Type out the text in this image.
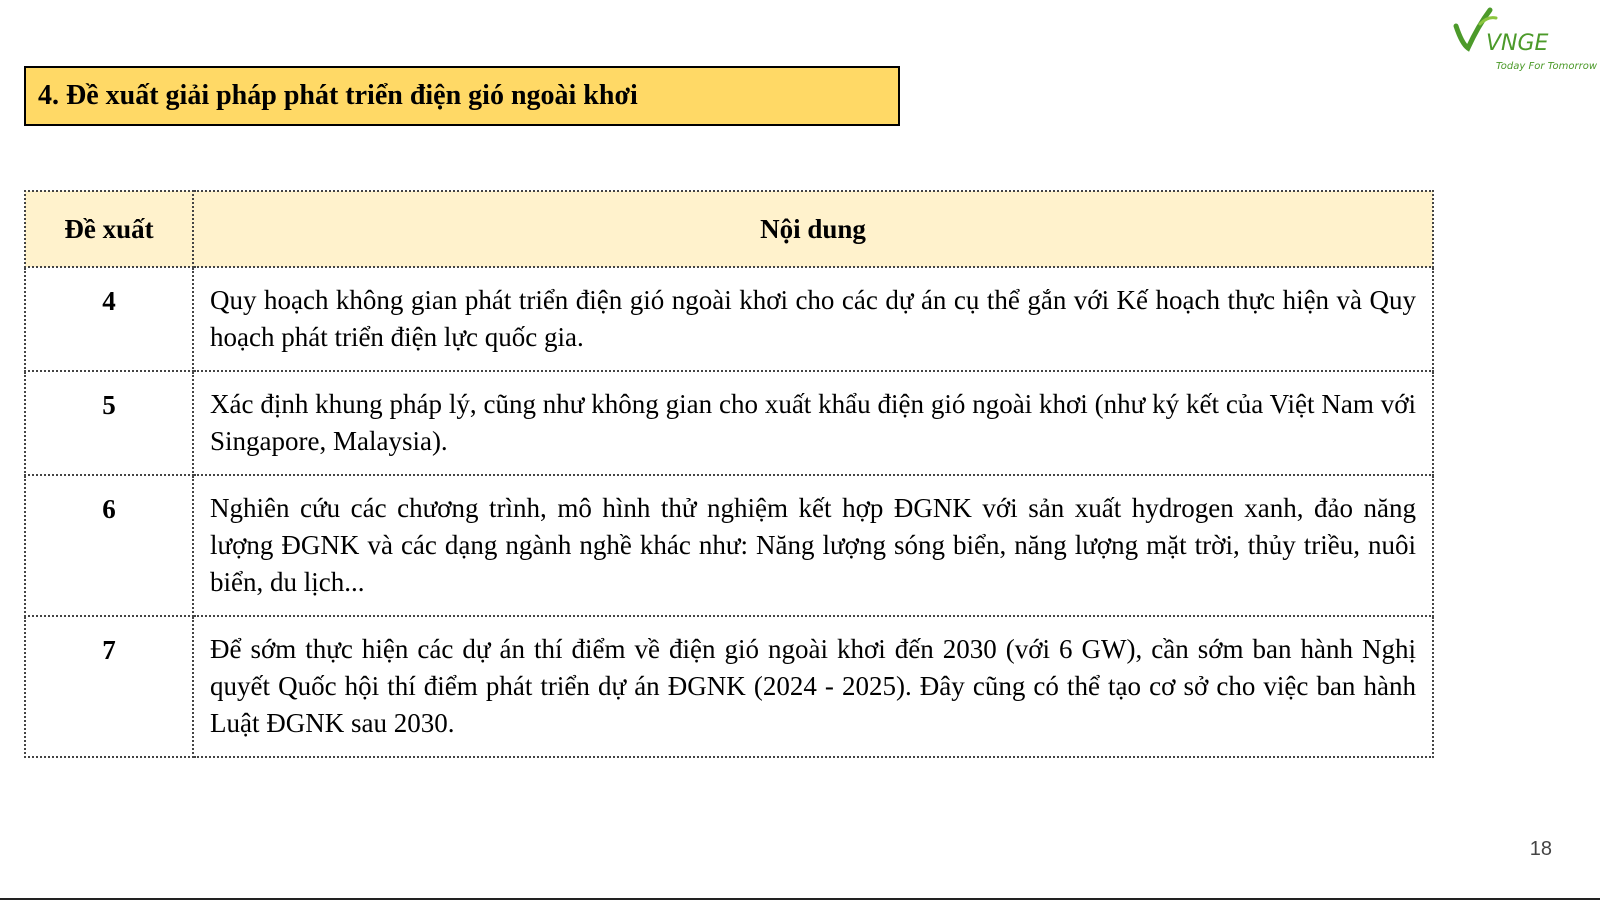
4. Đề xuất giải pháp phát triển điện gió ngoài khơi
VNGE
Today For Tomorrow
Đề xuất	Nội dung
4	Quy hoạch không gian phát triển điện gió ngoài khơi cho các dự án cụ thể gắn với Kế hoạch thực hiện và Quy hoạch phát triển điện lực quốc gia.
5	Xác định khung pháp lý, cũng như không gian cho xuất khẩu điện gió ngoài khơi (như ký kết của Việt Nam với Singapore, Malaysia).
6	Nghiên cứu các chương trình, mô hình thử nghiệm kết hợp ĐGNK với sản xuất hydrogen xanh, đảo năng lượng ĐGNK và các dạng ngành nghề khác như: Năng lượng sóng biển, năng lượng mặt trời, thủy triều, nuôi biển, du lịch...
7	Để sớm thực hiện các dự án thí điểm về điện gió ngoài khơi đến 2030 (với 6 GW), cần sớm ban hành Nghị quyết Quốc hội thí điểm phát triển dự án ĐGNK (2024 - 2025). Đây cũng có thể tạo cơ sở cho việc ban hành Luật ĐGNK sau 2030.
18
